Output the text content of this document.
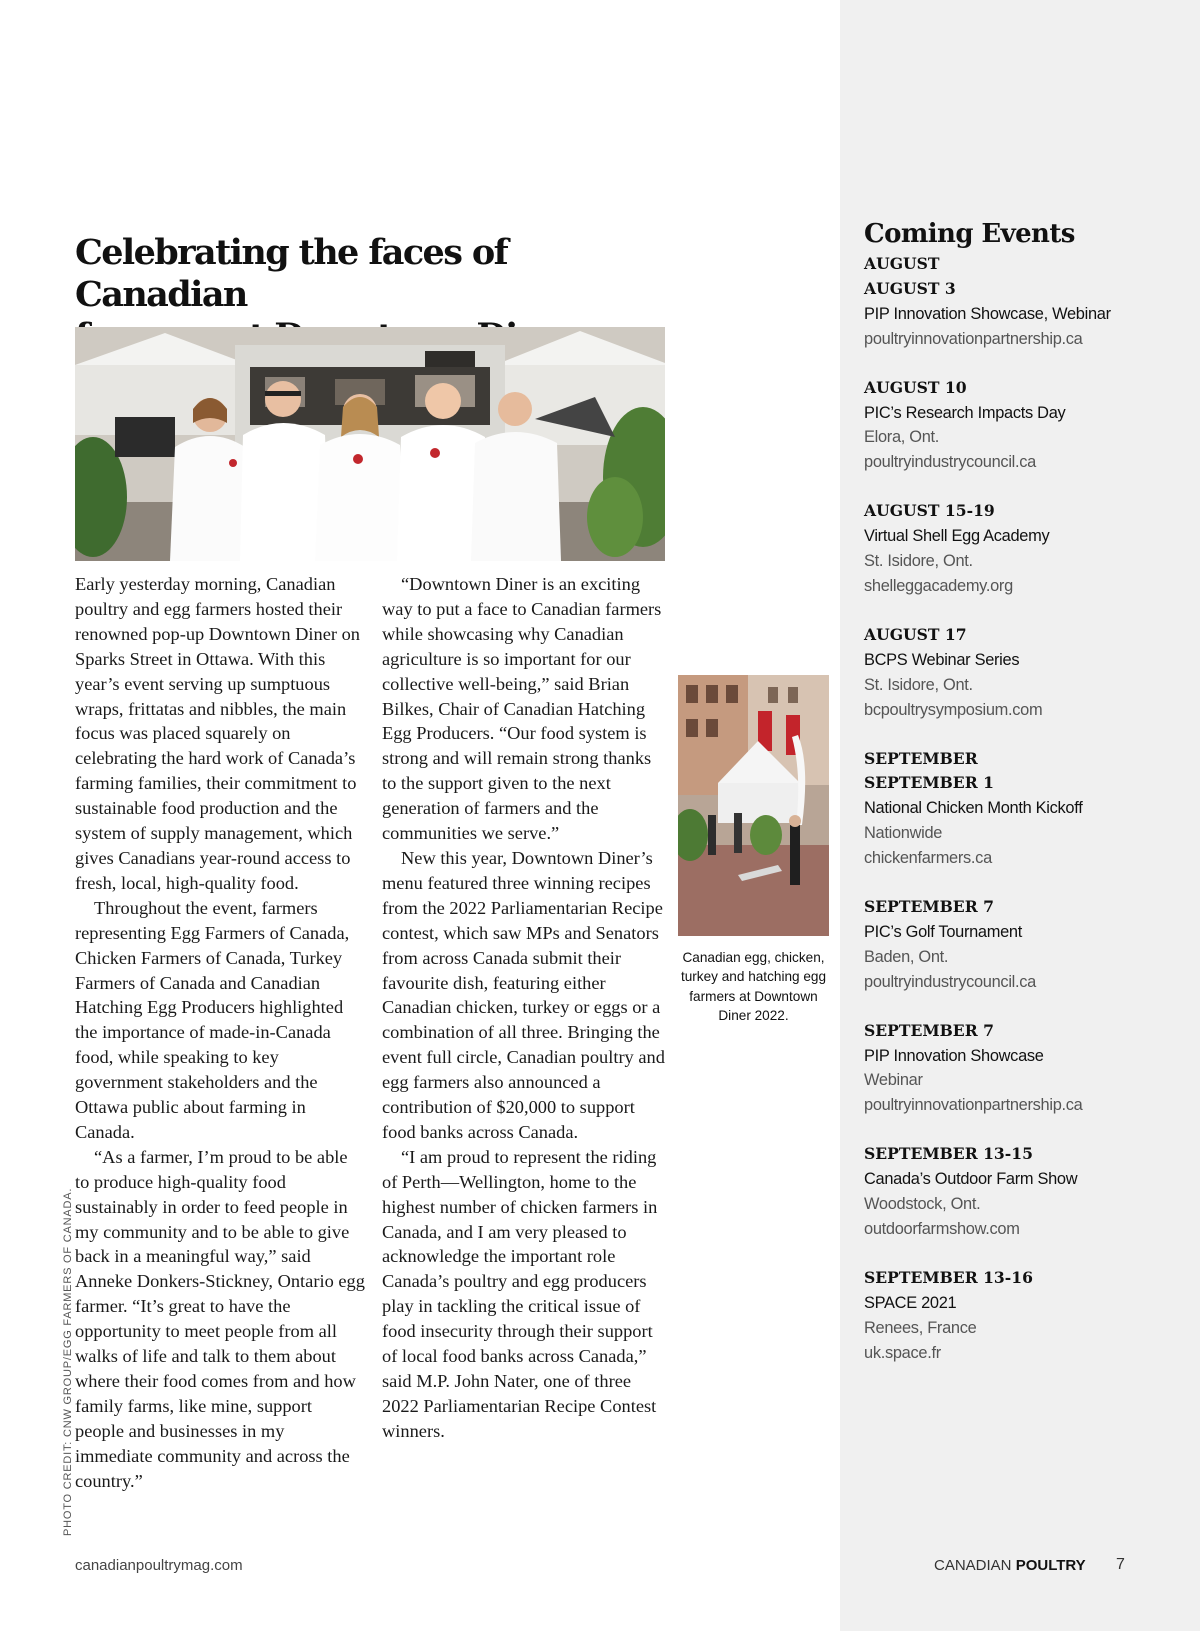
Celebrating the faces of Canadian

Early yesterday morning, Canadian poultry and egg farmers hosted their renowned pop-up Downtown Diner on Sparks Street in Ottawa. With this year’s event serving up sumptuous wraps, frittatas and nibbles, the main focus was placed squarely on celebrating the hard work of Canada’s farming families, their commitment to sustainable food production and the system of supply management, which gives Canadians year-round access to fresh, local, high-quality food.

Throughout the event, farmers representing Egg Farmers of Canada, Chicken Farmers of Canada, Turkey Farmers of Canada and Canadian Hatching Egg Producers highlighted the importance of made-in-Canada food, while speaking to key government stakeholders and the Ottawa public about farming in Canada.

“As a farmer, I’m proud to be able to produce high-quality food sustainably in order to feed people in my community and to be able to give back in a meaningful way,” said Anneke Donkers-Stickney, Ontario egg farmer. “It’s great to have the opportunity to meet people from all walks of life and talk to them about where their food comes from and how family farms, like mine, support people and businesses in my immediate community and across the country.”

“Downtown Diner is an exciting way to put a face to Canadian farmers while showcasing why Canadian agriculture is so important for our collective well-being,” said Brian Bilkes, Chair of Canadian Hatching Egg Producers. “Our food system is strong and will remain strong thanks to the support given to the next generation of farmers and the communities we serve.”

New this year, Downtown Diner’s menu featured three winning recipes from the 2022 Parliamentarian Recipe contest, which saw MPs and Senators from across Canada submit their favourite dish, featuring either Canadian chicken, turkey or eggs or a combination of all three. Bringing the event full circle, Canadian poultry and egg farmers also announced a contribution of $20,000 to support food banks across Canada.

“I am proud to represent the riding of Perth—Wellington, home to the highest number of chicken farmers in Canada, and I am very pleased to acknowledge the important role Canada’s poultry and egg producers play in tackling the critical issue of food insecurity through their support of local food banks across Canada,” said M.P. John Nater, one of three 2022 Parliamentarian Recipe Contest winners.

Canadian egg, chicken, turkey and hatching egg farmers at Downtown Diner 2022.

PHOTO CREDIT: CNW GROUP/EGG FARMERS OF CANADA.
canadianpoultrymag.com	CANADIAN POULTRY 7
Coming Events
AUGUST
AUGUST 3
PIP Innovation Showcase, Webinar
poultryinnovationpartnership.ca
AUGUST 10
PIC’s Research Impacts Day
Elora, Ont.
poultryindustrycouncil.ca
AUGUST 15-19
Virtual Shell Egg Academy
St. Isidore, Ont.
shelleggacademy.org
AUGUST 17
BCPS Webinar Series
St. Isidore, Ont.
bcpoultrysymposium.com
SEPTEMBER
SEPTEMBER 1
National Chicken Month Kickoff
Nationwide
chickenfarmers.ca
SEPTEMBER 7
PIC’s Golf Tournament
Baden, Ont.
poultryindustrycouncil.ca
SEPTEMBER 7
PIP Innovation Showcase
Webinar
poultryinnovationpartnership.ca
SEPTEMBER 13-15
Canada’s Outdoor Farm Show
Woodstock, Ont.
outdoorfarmshow.com
SEPTEMBER 13-16
SPACE 2021
Renees, France
uk.space.fr
